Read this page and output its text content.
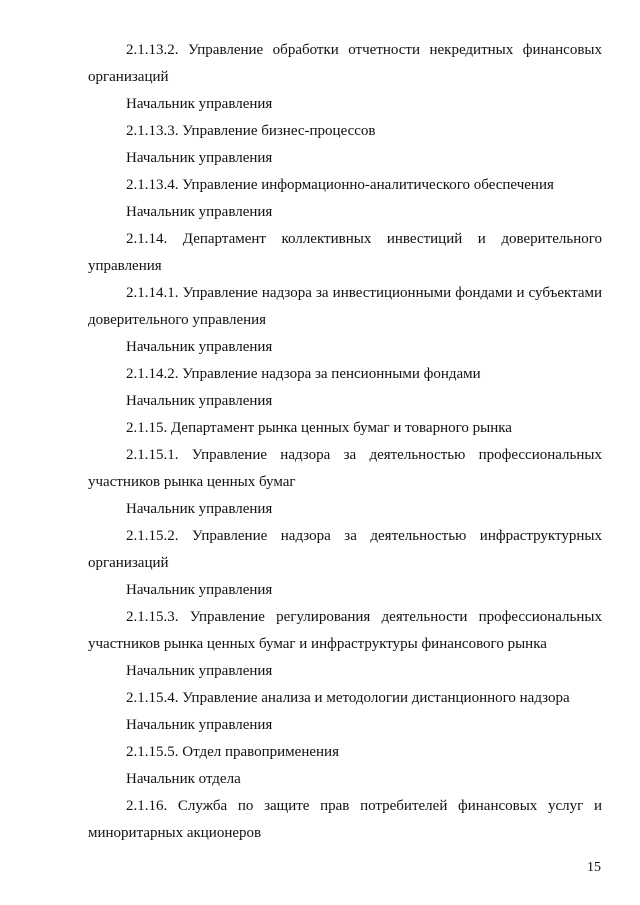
2.1.13.2. Управление обработки отчетности некредитных финансовых организаций

Начальник управления

2.1.13.3. Управление бизнес-процессов

Начальник управления

2.1.13.4. Управление информационно-аналитического обеспечения

Начальник управления

2.1.14. Департамент коллективных инвестиций и доверительного управления

2.1.14.1. Управление надзора за инвестиционными фондами и субъектами доверительного управления

Начальник управления

2.1.14.2. Управление надзора за пенсионными фондами

Начальник управления

2.1.15. Департамент рынка ценных бумаг и товарного рынка

2.1.15.1. Управление надзора за деятельностью профессиональных участников рынка ценных бумаг

Начальник управления

2.1.15.2. Управление надзора за деятельностью инфраструктурных организаций

Начальник управления

2.1.15.3. Управление регулирования деятельности профессиональных участников рынка ценных бумаг и инфраструктуры финансового рынка

Начальник управления

2.1.15.4. Управление анализа и методологии дистанционного надзора

Начальник управления

2.1.15.5. Отдел правоприменения

Начальник отдела

2.1.16. Служба по защите прав потребителей финансовых услуг и миноритарных акционеров

15
